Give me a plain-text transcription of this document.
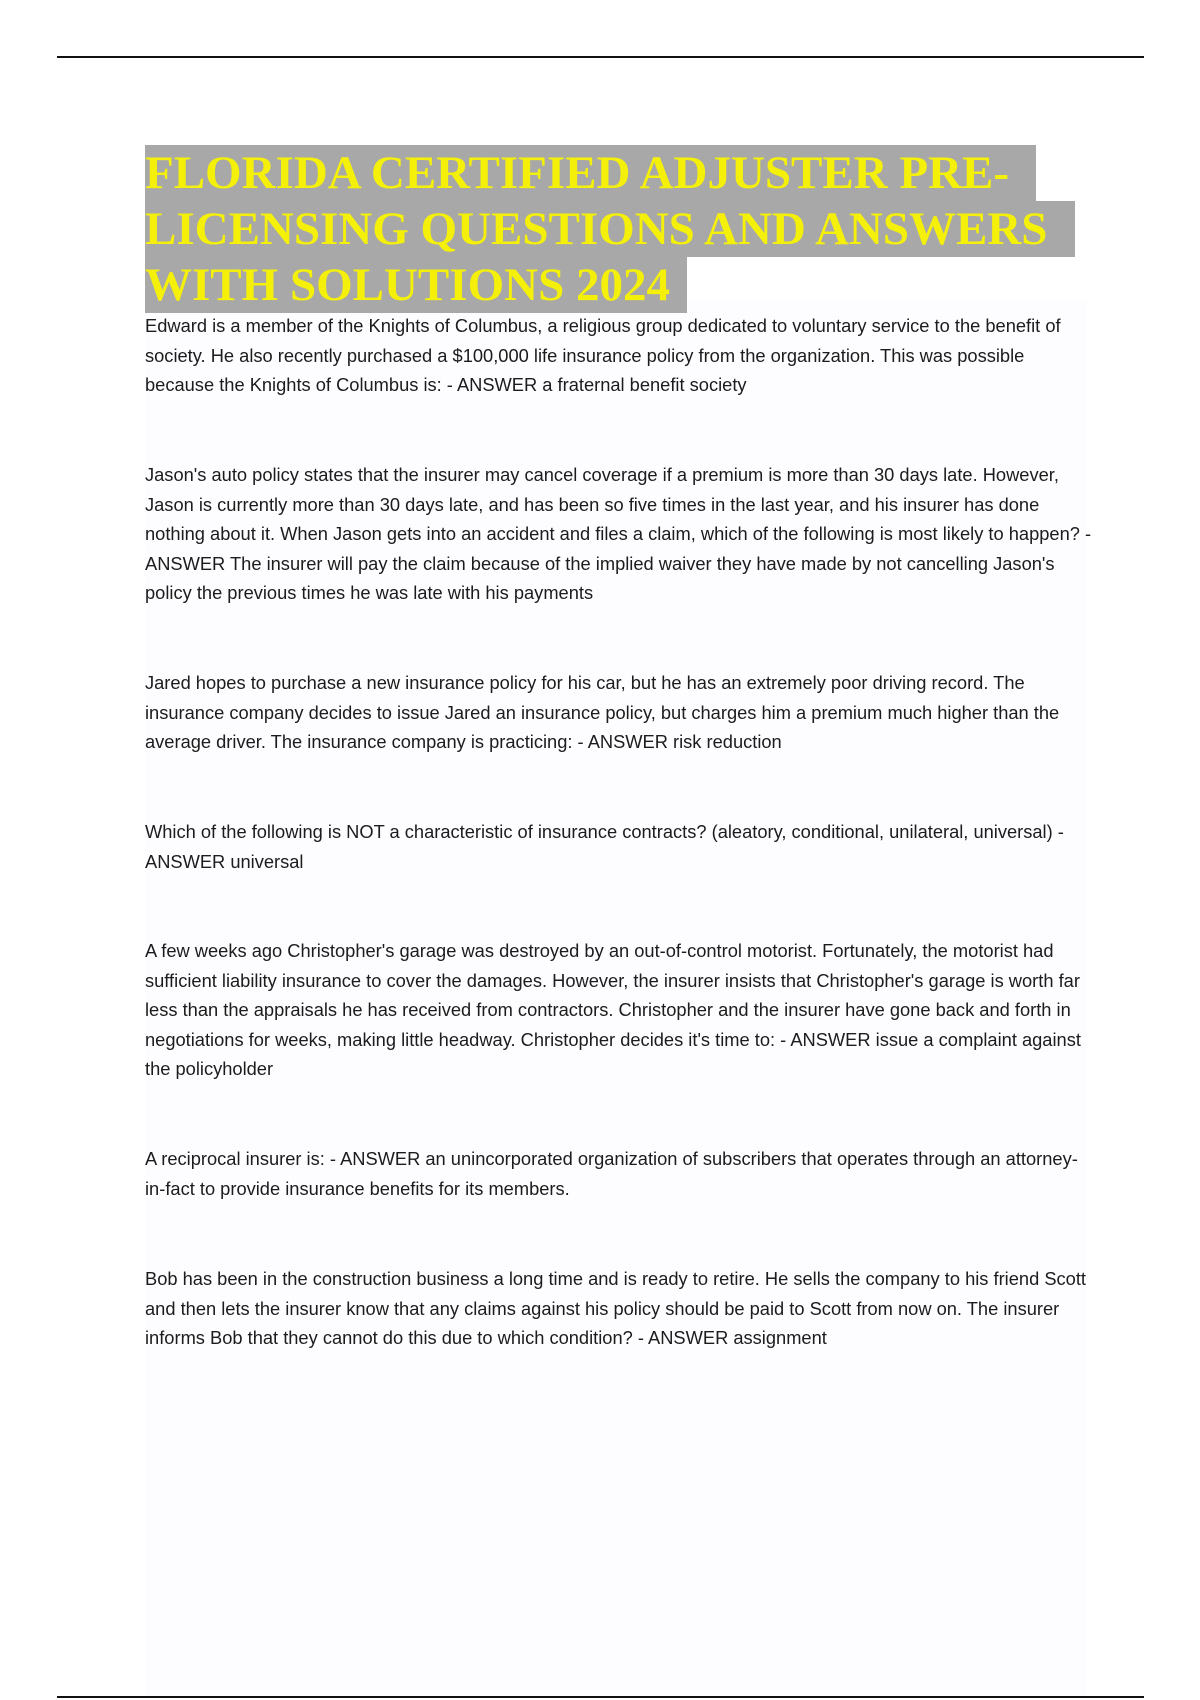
FLORIDA CERTIFIED ADJUSTER PRE-
LICENSING QUESTIONS AND ANSWERS
WITH SOLUTIONS 2024

Edward is a member of the Knights of Columbus, a religious group dedicated to voluntary service to the benefit of society. He also recently purchased a $100,000 life insurance policy from the organization. This was possible because the Knights of Columbus is: - ANSWER a fraternal benefit society

Jason's auto policy states that the insurer may cancel coverage if a premium is more than 30 days late. However, Jason is currently more than 30 days late, and has been so five times in the last year, and his insurer has done nothing about it. When Jason gets into an accident and files a claim, which of the following is most likely to happen? - ANSWER The insurer will pay the claim because of the implied waiver they have made by not cancelling Jason's policy the previous times he was late with his payments

Jared hopes to purchase a new insurance policy for his car, but he has an extremely poor driving record. The insurance company decides to issue Jared an insurance policy, but charges him a premium much higher than the average driver. The insurance company is practicing: - ANSWER risk reduction

Which of the following is NOT a characteristic of insurance contracts? (aleatory, conditional, unilateral, universal) - ANSWER universal

A few weeks ago Christopher's garage was destroyed by an out-of-control motorist. Fortunately, the motorist had sufficient liability insurance to cover the damages. However, the insurer insists that Christopher's garage is worth far less than the appraisals he has received from contractors. Christopher and the insurer have gone back and forth in negotiations for weeks, making little headway. Christopher decides it's time to: - ANSWER issue a complaint against the policyholder

A reciprocal insurer is: - ANSWER an unincorporated organization of subscribers that operates through an attorney-in-fact to provide insurance benefits for its members.

Bob has been in the construction business a long time and is ready to retire. He sells the company to his friend Scott and then lets the insurer know that any claims against his policy should be paid to Scott from now on. The insurer informs Bob that they cannot do this due to which condition? - ANSWER assignment
